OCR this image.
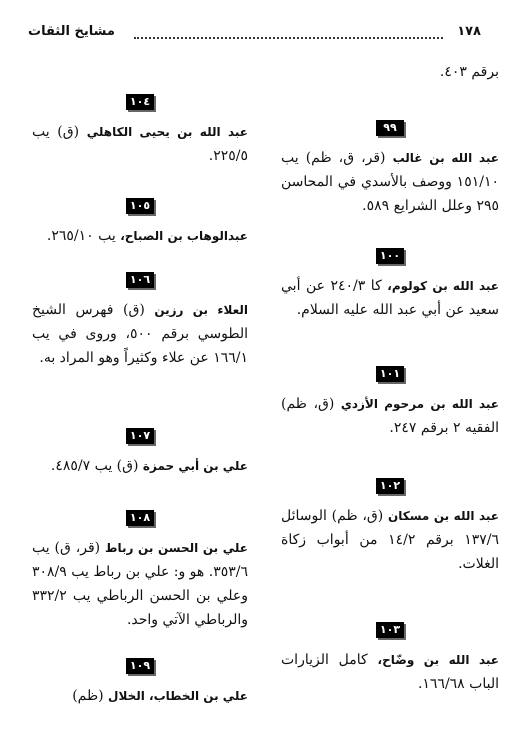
١٧٨
مشايخ الثقات
برقم ٤٠٣.
٩٩
عبد الله بن غالب (قر، ق، ظم) يب ١٥١/١٠ ووصف بالأسدي في المحاسن ٢٩٥ وعلل الشرايع ٥٨٩.
١٠٠
عبد الله بن كولوم، كا ٢٤٠/٣ عن أبي سعيد عن أبي عبد الله عليه السلام.
١٠١
عبد الله بن مرحوم الأزدي (ق، ظم) الفقيه ٢ برقم ٢٤٧.
١٠٢
عبد الله بن مسكان (ق، ظم) الوسائل ١٣٧/٦ برقم ١٤/٢ من أبواب زكاة الغلات.
١٠٣
عبد الله بن وضّاح، كامل الزيارات الباب ١٦٦/٦٨.
١٠٤
عبد الله بن يحيى الكاهلي (ق) يب ٢٢٥/٥.
١٠٥
عبدالوهاب بن الصباح، يب ٢٦٥/١٠.
١٠٦
العلاء بن رزين (ق) فهرس الشيخ الطوسي برقم ٥٠٠، وروى في يب ١٦٦/١ عن علاء وكثيراً وهو المراد به.
١٠٧
علي بن أبي حمزة (ق) يب ٤٨٥/٧.
١٠٨
علي بن الحسن بن رباط (قر، ق) يب ٣٥٣/٦. هو و: علي بن رباط يب ٣٠٨/٩ وعلي بن الحسن الرباطي يب ٣٣٢/٢ والرباطي الآتي واحد.
١٠٩
علي بن الخطاب، الخلال (ظم)
